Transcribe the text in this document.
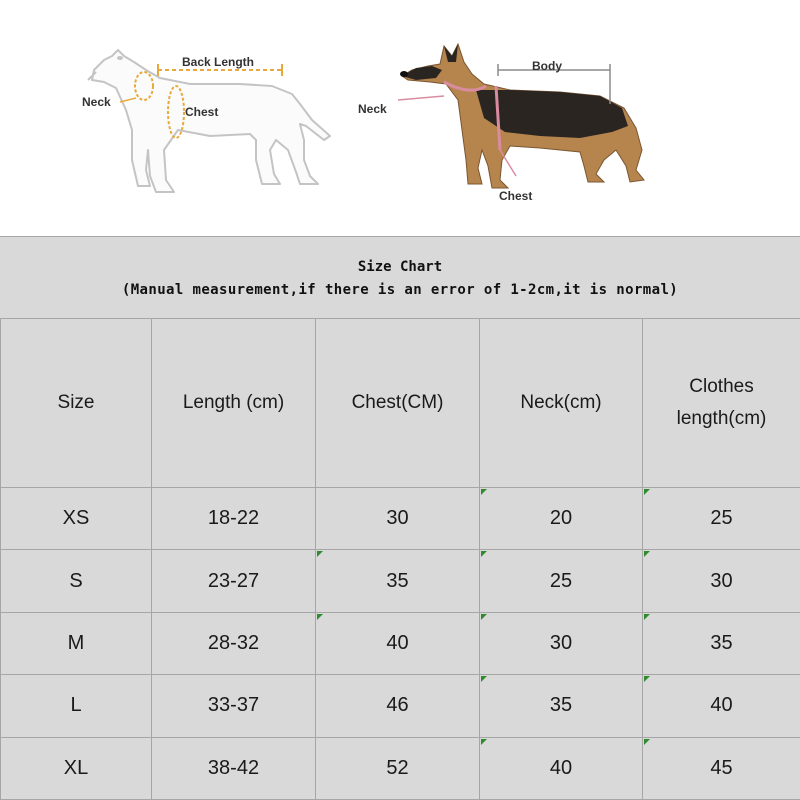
Back Length
Neck
Chest
Body
Neck
Chest
Size Chart
(Manual measurement,if there is an error of 1-2cm,it is normal)
Size	Length (cm)	Chest(CM)	Neck(cm)	Clothes
length(cm)
XS	18-22	30	20	25
S	23-27	35	25	30
M	28-32	40	30	35
L	33-37	46	35	40
XL	38-42	52	40	45
